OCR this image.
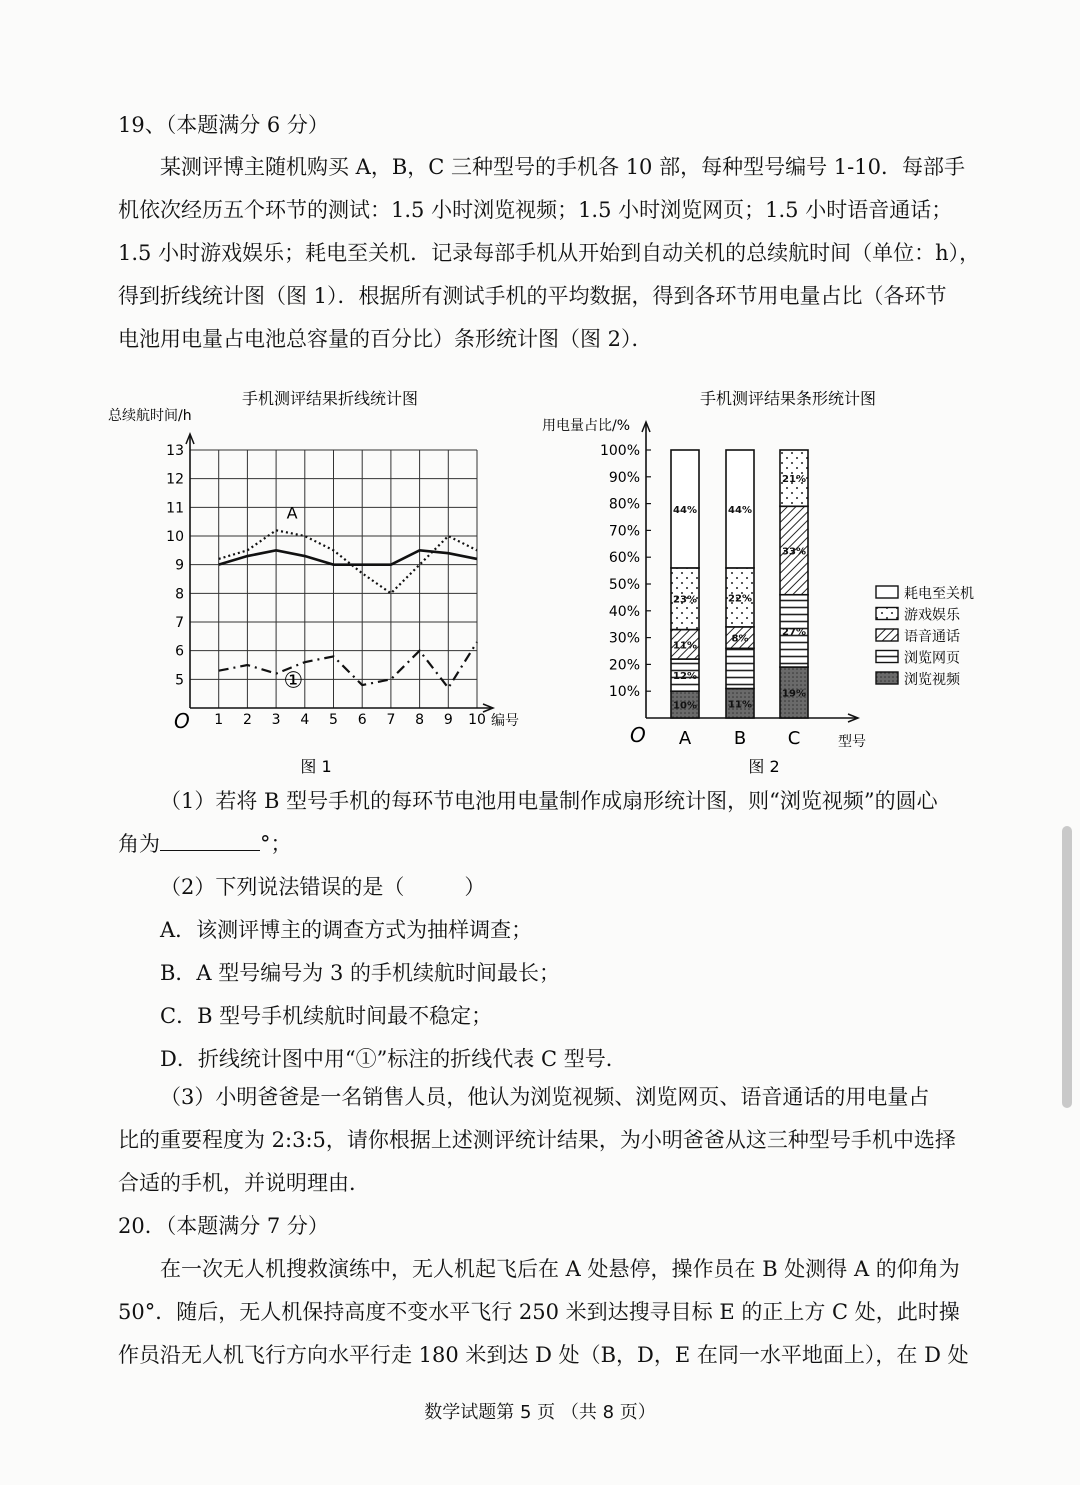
19、（本题满分 6 分）

某测评博主随机购买 A，B，C 三种型号的手机各 10 部，每种型号编号 1-10．每部手

机依次经历五个环节的测试：1.5 小时浏览视频；1.5 小时浏览网页；1.5 小时语音通话；

1.5 小时游戏娱乐；耗电至关机．记录每部手机从开始到自动关机的总续航时间（单位：h），

得到折线统计图（图 1）．根据所有测试手机的平均数据，得到各环节用电量占比（各环节

电池用电量占电池总容量的百分比）条形统计图（图 2）．

手机测评结果折线统计图
总续航时间/h
1 2 3 4 5 6 7 8 9 10
5
6
7
8
9
10
11
12
13
A
①
编号
O
图 1
手机测评结果条形统计图
用电量占比/%
10%
20%
30%
40%
50%
60%
70%
80%
90%
100%
10%
12%
11%
23%
44%
A
11%
8%
22%
44%
B
19%
27%
33%
21%
C
耗电至关机
游戏娱乐
语音通话
浏览网页
浏览视频
型号
O
图 2

（1）若将 B 型号手机的每环节电池用电量制作成扇形统计图，则“浏览视频”的圆心

角为	°；

（2）下列说法错误的是（	）

A．该测评博主的调查方式为抽样调查；

B．A 型号编号为 3 的手机续航时间最长；

C．B 型号手机续航时间最不稳定；

D．折线统计图中用“①”标注的折线代表 C 型号．

（3）小明爸爸是一名销售人员，他认为浏览视频、浏览网页、语音通话的用电量占

比的重要程度为 2:3:5，请你根据上述测评统计结果，为小明爸爸从这三种型号手机中选择

合适的手机，并说明理由．

20．（本题满分 7 分）

在一次无人机搜救演练中，无人机起飞后在 A 处悬停，操作员在 B 处测得 A 的仰角为

50°．随后，无人机保持高度不变水平飞行 250 米到达搜寻目标 E 的正上方 C 处，此时操

作员沿无人机飞行方向水平行走 180 米到达 D 处（B，D，E 在同一水平地面上），在 D 处

数学试题第 5 页 （共 8 页）
